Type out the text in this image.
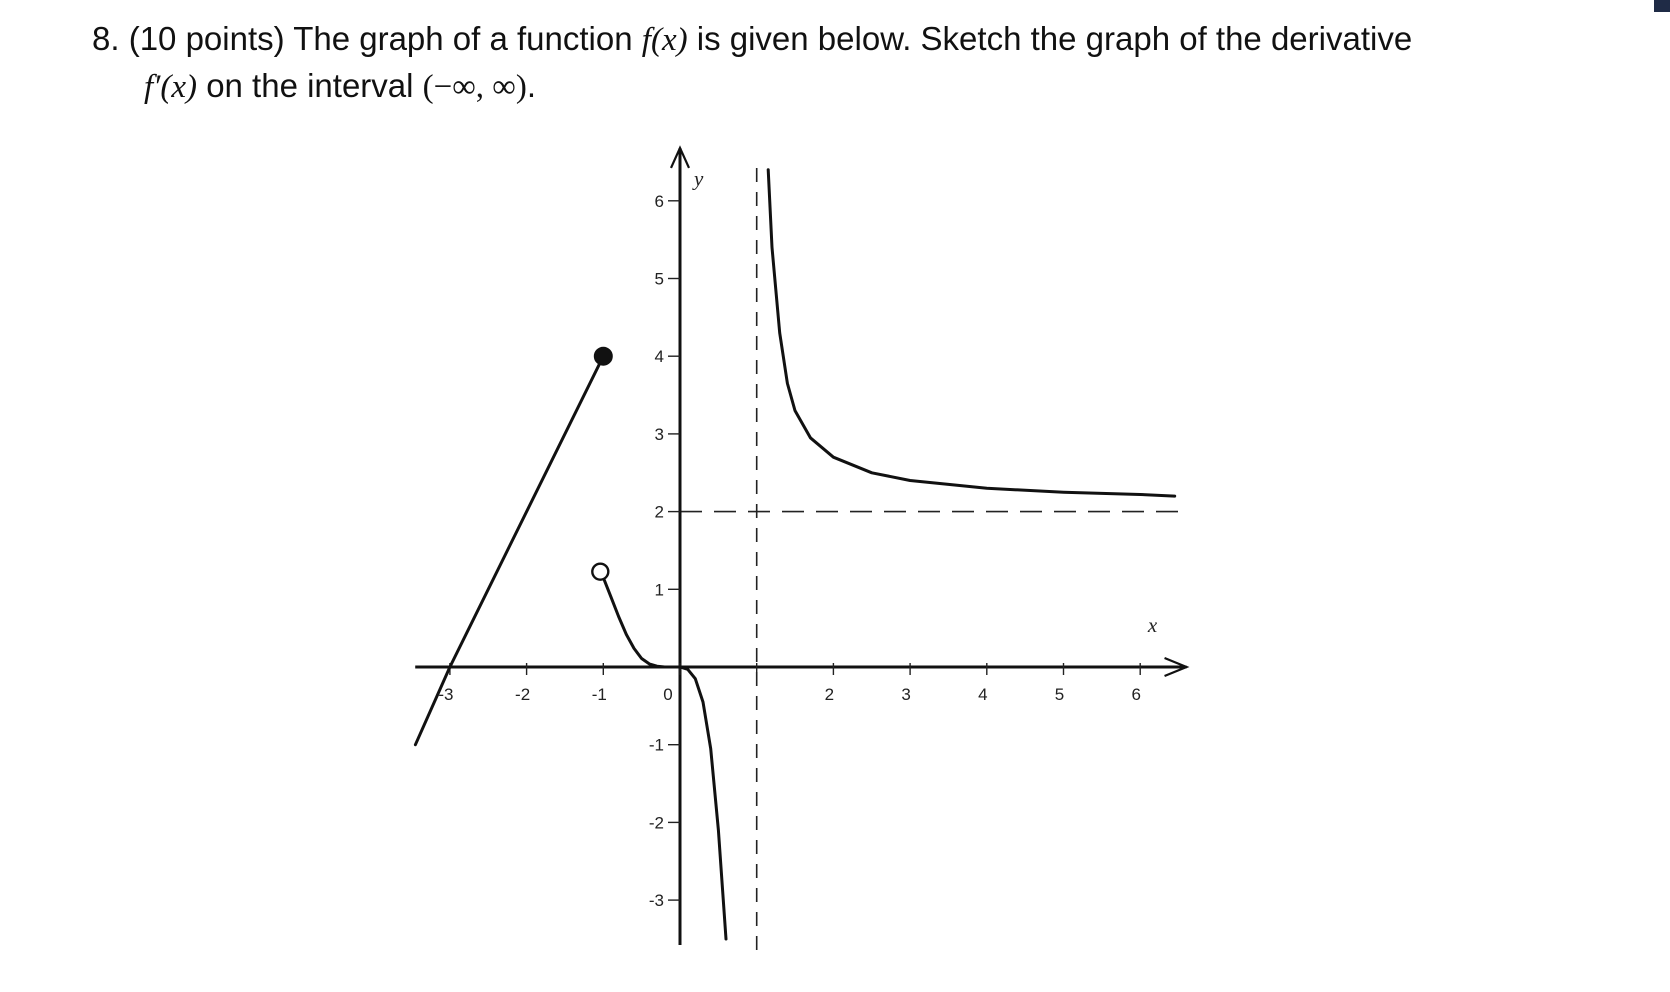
8. (10 points) The graph of a function f(x) is given below. Sketch the graph of the derivative
f′(x) on the interval (−∞, ∞).
-3	-2	-1	0	2	3	4	5	6
-3
-2
-1
1
2
3
4
5
6
x
y
